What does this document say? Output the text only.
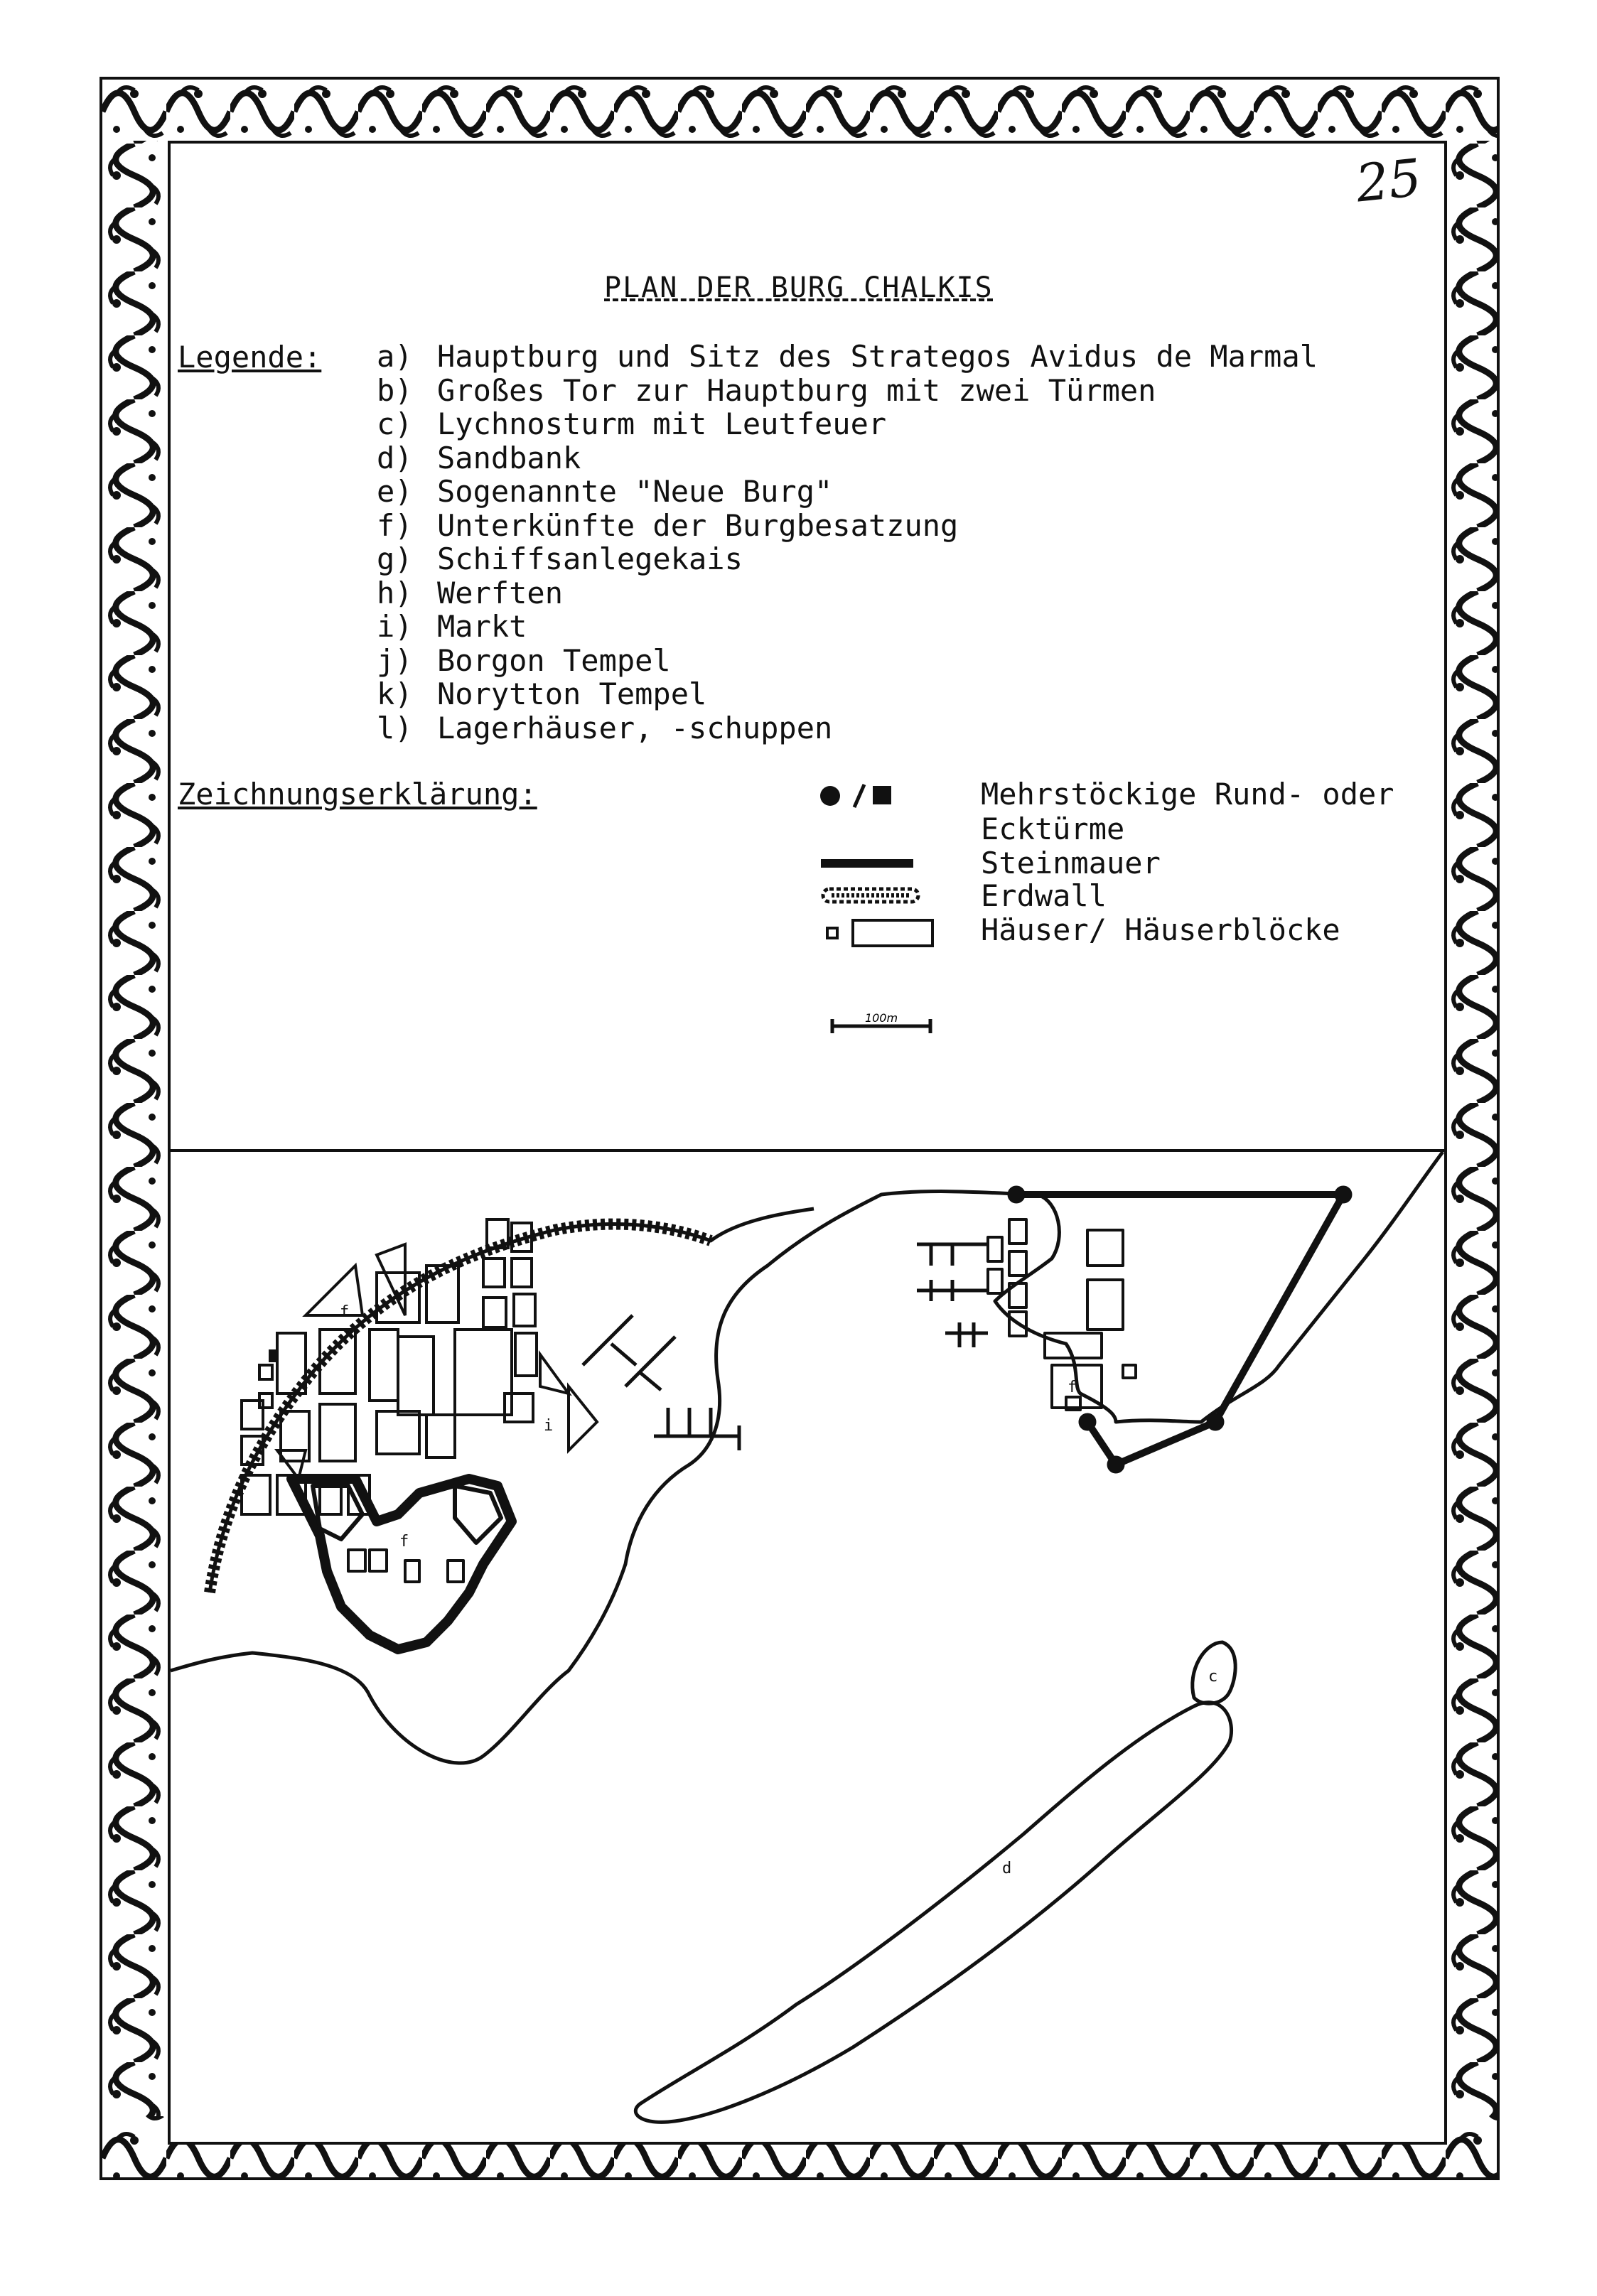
25
PLAN DER BURG CHALKIS
Legende: a) Hauptburg und Sitz des Strategos Avidus de Marmal
b) Großes Tor zur Hauptburg mit zwei Türmen
c) Lychnosturm mit Leutfeuer
d) Sandbank
e) Sogenannte "Neue Burg"
f) Unterkünfte der Burgbesatzung
g) Schiffsanlegekais
h) Werften
i) Markt
j) Borgon Tempel
k) Norytton Tempel
l) Lagerhäuser, -schuppen
Zeichnungserklärung:	Mehrstöckige Rund- oder
Ecktürme
Steinmauer
Erdwall
Häuser/ Häuserblöcke
100m
f
f
i
f
c
d
